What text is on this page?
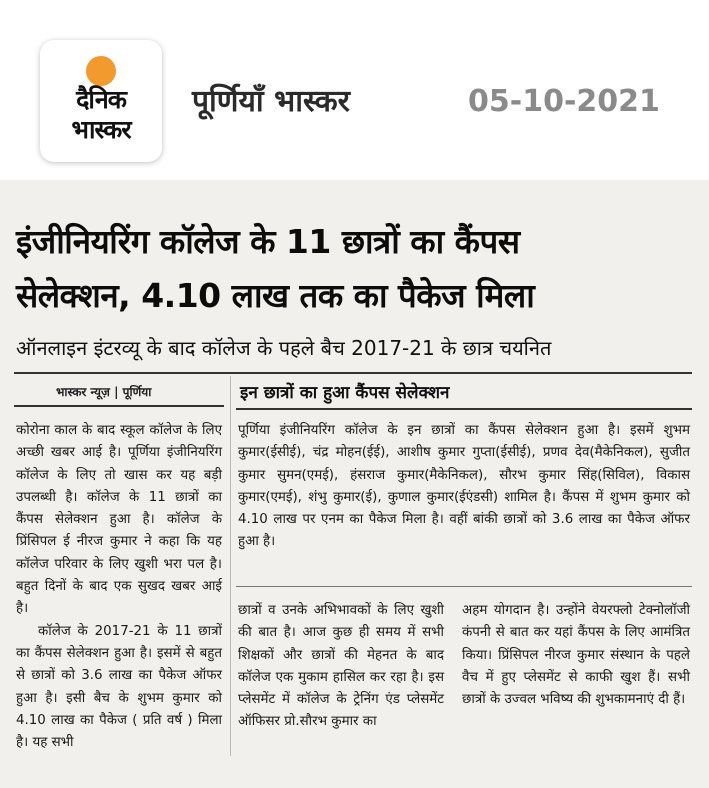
दैनिक
भास्कर
पूर्णियाँ भास्कर	05-10-2021
इंजीनियरिंग कॉलेज के 11 छात्रों का कैंपस
सेलेक्शन, 4.10 लाख तक का पैकेज मिला
ऑनलाइन इंटरव्यू के बाद कॉलेज के पहले बैच 2017-21 के छात्र चयनित
भास्कर न्यूज़ | पूर्णिया	इन छात्रों का हुआ कैंपस सेलेक्शन
कोरोना काल के बाद स्कूल कॉलेज के लिए अच्छी खबर आई है। पूर्णिया इंजीनियरिंग कॉलेज के लिए तो खास कर यह बड़ी उपलब्धी है। कॉलेज के 11 छात्रों का कैंपस सेलेक्शन हुआ है। कॉलेज के प्रिंसिपल ई नीरज कुमार ने कहा कि यह कॉलेज परिवार के लिए खुशी भरा पल है। बहुत दिनों के बाद एक सुखद खबर आई है।
कॉलेज के 2017-21 के 11 छात्रों का कैंपस सेलेक्शन हुआ है। इसमें से बहुत से छात्रों को 3.6 लाख का पैकेज ऑफर हुआ है। इसी बैच के शुभम कुमार को 4.10 लाख का पैकेज ( प्रति वर्ष ) मिला है। यह सभी
पूर्णिया इंजीनियरिंग कॉलेज के इन छात्रों का कैंपस सेलेक्शन हुआ है। इसमें शुभम कुमार(ईसीई), चंद्र मोहन(ईई), आशीष कुमार गुप्ता(ईसीई), प्रणव देव(मैकेनिकल), सुजीत कुमार सुमन(एमई), हंसराज कुमार(मैकेनिकल), सौरभ कुमार सिंह(सिविल), विकास कुमार(एमई), शंभु कुमार(ई), कुणाल कुमार(ईएंडसी) शामिल है। कैंपस में शुभम कुमार को 4.10 लाख पर एनम का पैकेज मिला है। वहीं बांकी छात्रों को 3.6 लाख का पैकेज ऑफर हुआ है।
छात्रों व उनके अभिभावकों के लिए खुशी की बात है। आज कुछ ही समय में सभी शिक्षकों और छात्रों की मेहनत के बाद कॉलेज एक मुकाम हासिल कर रहा है। इस प्लेसमेंट में कॉलेज के ट्रेनिंग एंड प्लेसमेंट ऑफिसर प्रो.सौरभ कुमार का
अहम योगदान है। उन्होंने वेयरफ्लो टेक्नोलॉजी कंपनी से बात कर यहां कैंपस के लिए आमंत्रित किया। प्रिंसिपल नीरज कुमार संस्थान के पहले वैच में हुए प्लेसमेंट से काफी खुश हैं। सभी छात्रों के उज्वल भविष्य की शुभकामनाएं दी हैं।
